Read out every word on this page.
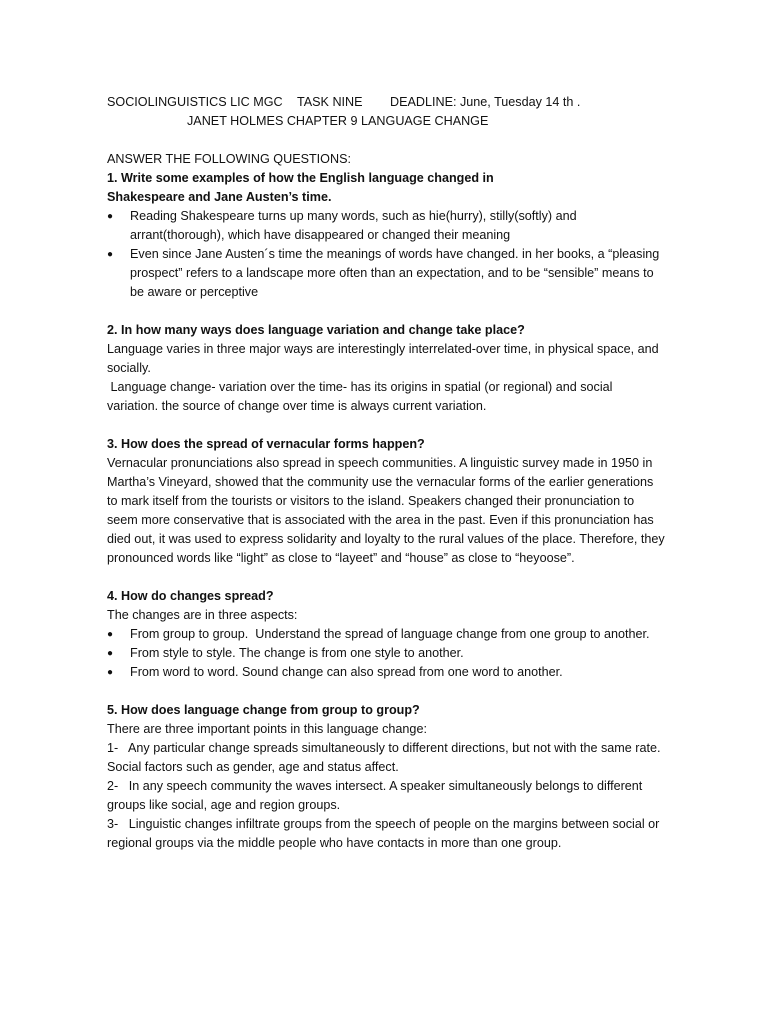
SOCIOLINGUISTICS LIC MGC	TASK NINE	DEADLINE: June, Tuesday 14 th .
JANET HOLMES CHAPTER 9 LANGUAGE CHANGE
ANSWER THE FOLLOWING QUESTIONS:
1. Write some examples of how the English language changed in
Shakespeare and Jane Austen’s time.
● Reading Shakespeare turns up many words, such as hie(hurry), stilly(softly) and arrant(thorough), which have disappeared or changed their meaning
● Even since Jane Austen´s time the meanings of words have changed. in her books, a “pleasing prospect” refers to a landscape more often than an expectation, and to be “sensible” means to be aware or perceptive
2. In how many ways does language variation and change take place?

Language varies in three major ways are interestingly interrelated-over time, in physical space, and socially.

Language change- variation over the time- has its origins in spatial (or regional) and social variation. the source of change over time is always current variation.

3. How does the spread of vernacular forms happen?

Vernacular pronunciations also spread in speech communities. A linguistic survey made in 1950 in Martha’s Vineyard, showed that the community use the vernacular forms of the earlier generations to mark itself from the tourists or visitors to the island. Speakers changed their pronunciation to seem more conservative that is associated with the area in the past. Even if this pronunciation has died out, it was used to express solidarity and loyalty to the rural values of the place. Therefore, they pronounced words like “light” as close to “layeet” and “house” as close to “heyoose”.

4. How do changes spread?
The changes are in three aspects:
● From group to group.  Understand the spread of language change from one group to another.
● From style to style. The change is from one style to another.
● From word to word. Sound change can also spread from one word to another.
5. How does language change from group to group?
There are three important points in this language change:
1-   Any particular change spreads simultaneously to different directions, but not with the same rate. Social factors such as gender, age and status affect.
2-   In any speech community the waves intersect. A speaker simultaneously belongs to different groups like social, age and region groups.
3-   Linguistic changes infiltrate groups from the speech of people on the margins between social or regional groups via the middle people who have contacts in more than one group.
